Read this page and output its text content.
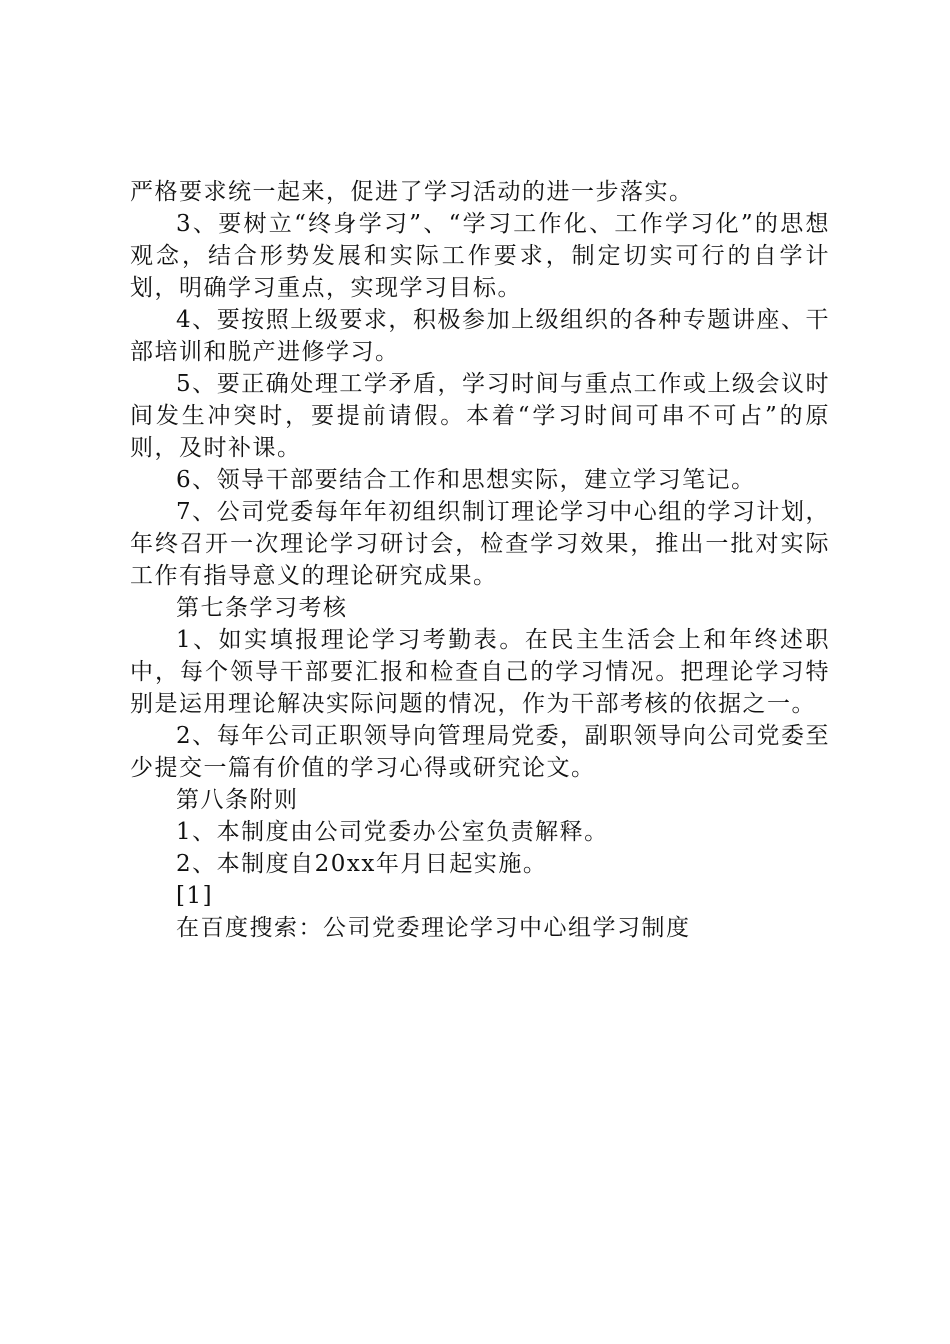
严格要求统一起来，促进了学习活动的进一步落实。

3、要树立“终身学习”、“学习工作化、工作学习化”的思想观念，结合形势发展和实际工作要求，制定切实可行的自学计划，明确学习重点，实现学习目标。

4、要按照上级要求，积极参加上级组织的各种专题讲座、干部培训和脱产进修学习。

5、要正确处理工学矛盾，学习时间与重点工作或上级会议时间发生冲突时，要提前请假。本着“学习时间可串不可占”的原则，及时补课。

6、领导干部要结合工作和思想实际，建立学习笔记。

7、公司党委每年年初组织制订理论学习中心组的学习计划，年终召开一次理论学习研讨会，检查学习效果，推出一批对实际工作有指导意义的理论研究成果。

第七条学习考核

1、如实填报理论学习考勤表。在民主生活会上和年终述职中，每个领导干部要汇报和检查自己的学习情况。把理论学习特别是运用理论解决实际问题的情况，作为干部考核的依据之一。

2、每年公司正职领导向管理局党委，副职领导向公司党委至少提交一篇有价值的学习心得或研究论文。

第八条附则

1、本制度由公司党委办公室负责解释。

2、本制度自20xx年月日起实施。

[1]

在百度搜索：公司党委理论学习中心组学习制度
